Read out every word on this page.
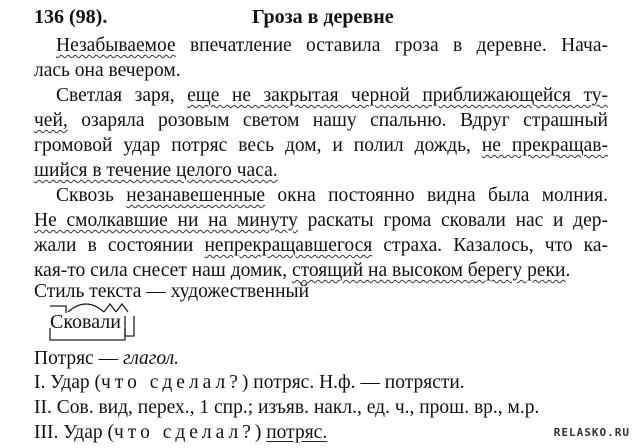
136 (98).	Гроза в деревне
Незабываемое впечатление оставила гроза в деревне. Нача-
лась она вечером.
Светлая заря, еще не закрытая черной приближающейся ту-
чей, озаряла розовым светом нашу спальню. Вдруг страшный
громовой удар потряс весь дом, и полил дождь, не прекращав-
шийся в течение целого часа.
Сквозь незанавешенные окна постоянно видна была молния.
Не смолкавшие ни на минуту раскаты грома сковали нас и дер-
жали в состоянии непрекращавшегося страха. Казалось, что ка-
кая-то сила снесет наш домик, стоящий на высоком берегу реки.
Стиль текста — художественный
Сковали
Потряс — глагол.
I. Удар (что сделал?) потряс. Н.ф. — потрясти.
II. Сов. вид, перех., 1 спр.; изъяв. накл., ед. ч., прош. вр., м.р.
III. Удар (что сделал?) потряс.	RELASKO.RU
